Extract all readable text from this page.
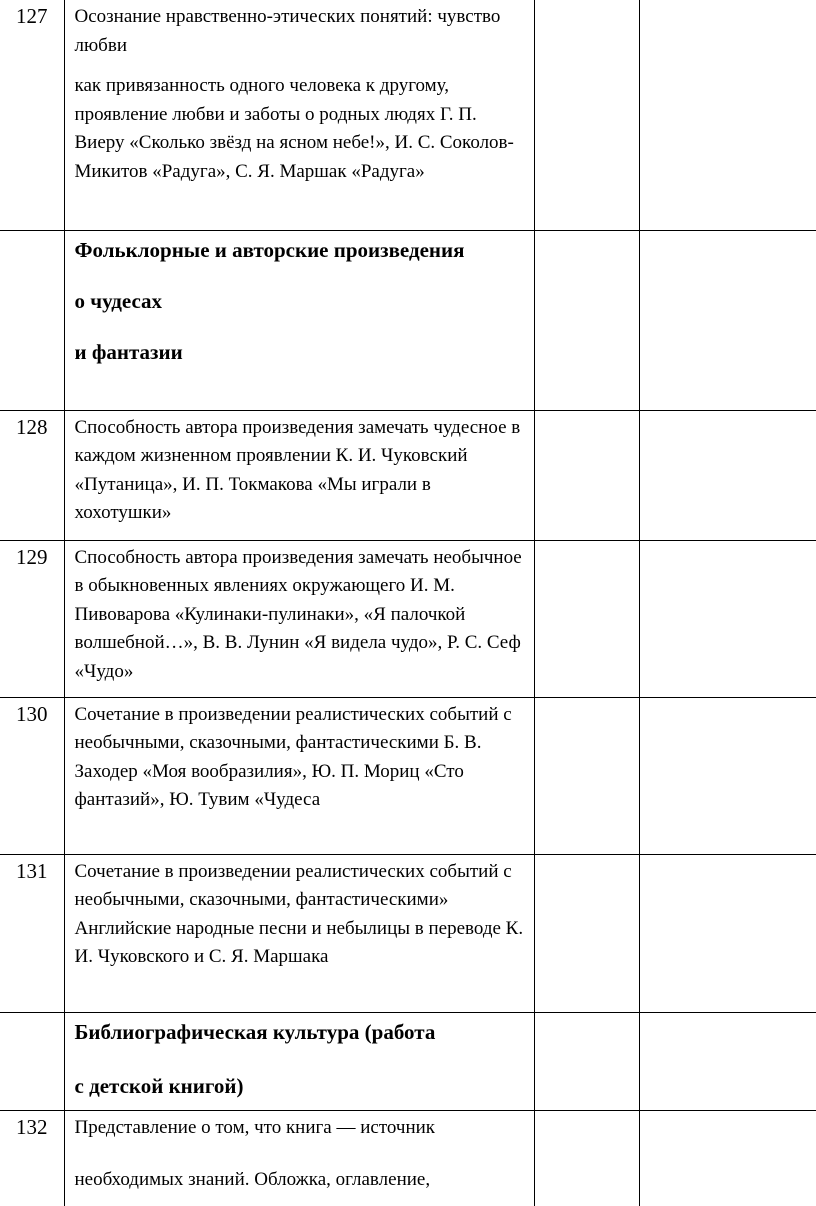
127	Осознание нравственно-этических понятий: чувство любви

как привязанность одного человека к другому, проявление любви и заботы о родных людях Г. П. Виеру «Сколько звёзд на ясном небе!», И. С. Соколов-Микитов «Радуга», С. Я. Маршак «Радуга»		

	Фольклорные и авторские произведения

о чудесах

и фантазии		

128	Способность автора произведения замечать чудесное в каждом жизненном проявлении К. И. Чуковский «Путаница», И. П. Токмакова «Мы играли в хохотушки»		

129	Способность автора произведения замечать необычное в обыкновенных явлениях окружающего И. М. Пивоварова «Кулинаки-пулинаки», «Я палочкой волшебной…», В. В. Лунин «Я видела чудо», Р. С. Сеф «Чудо»		

130	Сочетание в произведении реалистических событий с необычными, сказочными, фантастическими Б. В. Заходер «Моя вообразилия», Ю. П. Мориц «Сто фантазий», Ю. Тувим «Чудеса		

131	Сочетание в произведении реалистических событий с необычными, сказочными, фантастическими» Английские народные песни и небылицы в переводе К. И. Чуковского и С. Я. Маршака		

	Библиографическая культура (работа

с детской книгой)		

132	Представление о том, что книга — источник

необходимых знаний. Обложка, оглавление,		
